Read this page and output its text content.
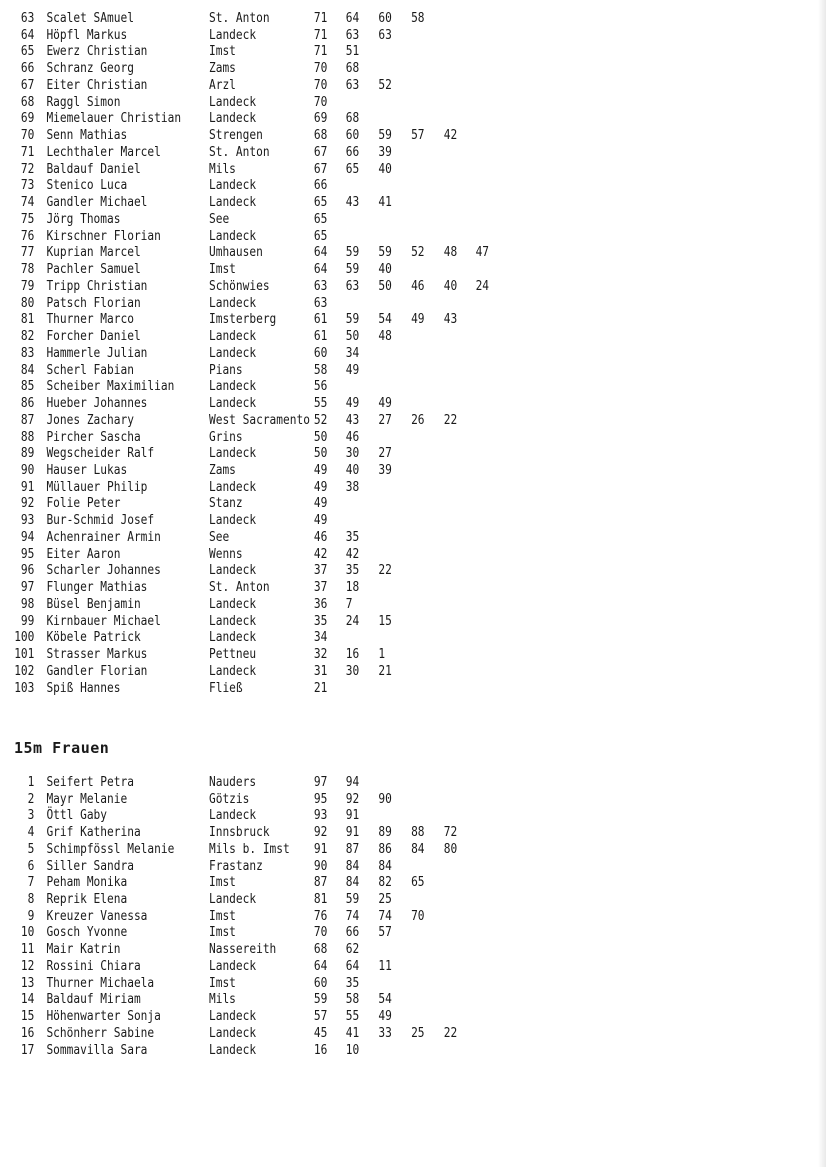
63 Scalet SAmuel	St. Anton	71 64 60 58
64 Höpfl Markus	Landeck	71 63 63
65 Ewerz Christian	Imst	71 51
66 Schranz Georg	Zams	70 68
67 Eiter Christian	Arzl	70 63 52
68 Raggl Simon	Landeck	70
69 Miemelauer Christian Landeck	69 68
70 Senn Mathias	Strengen	68 60 59 57 42
71 Lechthaler Marcel	St. Anton	67 66 39
72 Baldauf Daniel	Mils	67 65 40
73 Stenico Luca	Landeck	66
74 Gandler Michael	Landeck	65 43 41
75 Jörg Thomas	See	65
76 Kirschner Florian	Landeck	65
77 Kuprian Marcel	Umhausen	64 59 59 52 48 47
78 Pachler Samuel	Imst	64 59 40
79 Tripp Christian	Schönwies	63 63 50 46 40 24
80 Patsch Florian	Landeck	63
81 Thurner Marco	Imsterberg	61 59 54 49 43
82 Forcher Daniel	Landeck	61 50 48
83 Hammerle Julian	Landeck	60 34
84 Scherl Fabian	Pians	58 49
85 Scheiber Maximilian	Landeck	56
86 Hueber Johannes	Landeck	55 49 49
87 Jones Zachary	West Sacramento 52 43 27 26 22
88 Pircher Sascha	Grins	50 46
89 Wegscheider Ralf	Landeck	50 30 27
90 Hauser Lukas	Zams	49 40 39
91 Müllauer Philip	Landeck	49 38
92 Folie Peter	Stanz	49
93 Bur-Schmid Josef	Landeck	49
94 Achenrainer Armin	See	46 35
95 Eiter Aaron	Wenns	42 42
96 Scharler Johannes	Landeck	37 35 22
97 Flunger Mathias	St. Anton	37 18
98 Büsel Benjamin	Landeck	36 7
99 Kirnbauer Michael	Landeck	35 24 15
100 Köbele Patrick	Landeck	34
101 Strasser Markus	Pettneu	32 16 1
102 Gandler Florian	Landeck	31 30 21
103 Spiß Hannes	Fließ	21
15m Frauen
1 Seifert Petra	Nauders	97 94
2 Mayr Melanie	Götzis	95 92 90
3 Öttl Gaby	Landeck	93 91
4 Grif Katherina	Innsbruck	92 91 89 88 72
5 Schimpfössl Melanie	Mils b. Imst 91 87 86 84 80
6 Siller Sandra	Frastanz	90 84 84
7 Peham Monika	Imst	87 84 82 65
8 Reprik Elena	Landeck	81 59 25
9 Kreuzer Vanessa	Imst	76 74 74 70
10 Gosch Yvonne	Imst	70 66 57
11 Mair Katrin	Nassereith	68 62
12 Rossini Chiara	Landeck	64 64 11
13 Thurner Michaela	Imst	60 35
14 Baldauf Miriam	Mils	59 58 54
15 Höhenwarter Sonja	Landeck	57 55 49
16 Schönherr Sabine	Landeck	45 41 33 25 22
17 Sommavilla Sara	Landeck	16 10
